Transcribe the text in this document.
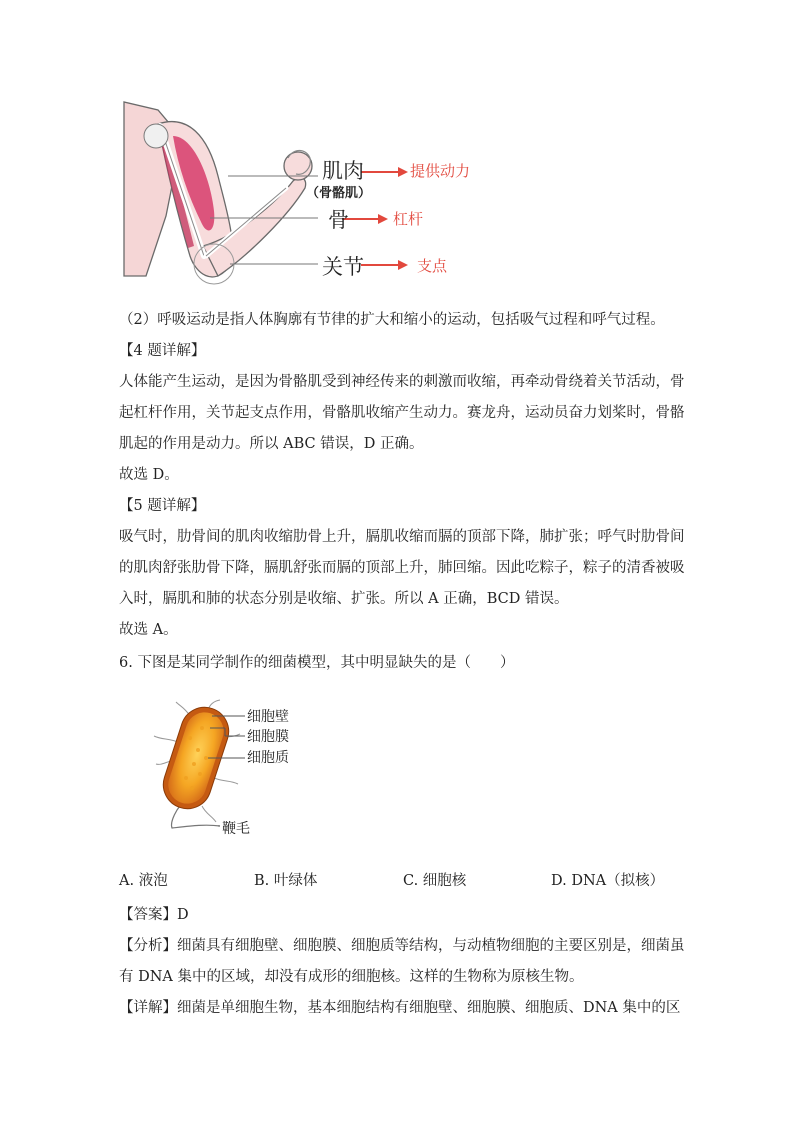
肌肉
（骨骼肌）
提供动力
骨	杠杆
关节	支点
（2）呼吸运动是指人体胸廓有节律的扩大和缩小的运动，包括吸气过程和呼气过程。
【4 题详解】
人体能产生运动，是因为骨骼肌受到神经传来的刺激而收缩，再牵动骨绕着关节活动，骨
起杠杆作用，关节起支点作用，骨骼肌收缩产生动力。赛龙舟，运动员奋力划桨时，骨骼
肌起的作用是动力。所以 ABC 错误，D 正确。
故选 D。
【5 题详解】
吸气时，肋骨间的肌肉收缩肋骨上升，膈肌收缩而膈的顶部下降，肺扩张；呼气时肋骨间
的肌肉舒张肋骨下降，膈肌舒张而膈的顶部上升，肺回缩。因此吃粽子，粽子的清香被吸
入时，膈肌和肺的状态分别是收缩、扩张。所以 A 正确，BCD 错误。
故选 A。
6. 下图是某同学制作的细菌模型，其中明显缺失的是（　　）
细胞壁
细胞膜
细胞质
鞭毛
A. 液泡	B. 叶绿体	C. 细胞核	D. DNA（拟核）
【答案】D
【分析】细菌具有细胞壁、细胞膜、细胞质等结构，与动植物细胞的主要区别是，细菌虽
有 DNA 集中的区域，却没有成形的细胞核。这样的生物称为原核生物。
【详解】细菌是单细胞生物，基本细胞结构有细胞壁、细胞膜、细胞质、DNA 集中的区
